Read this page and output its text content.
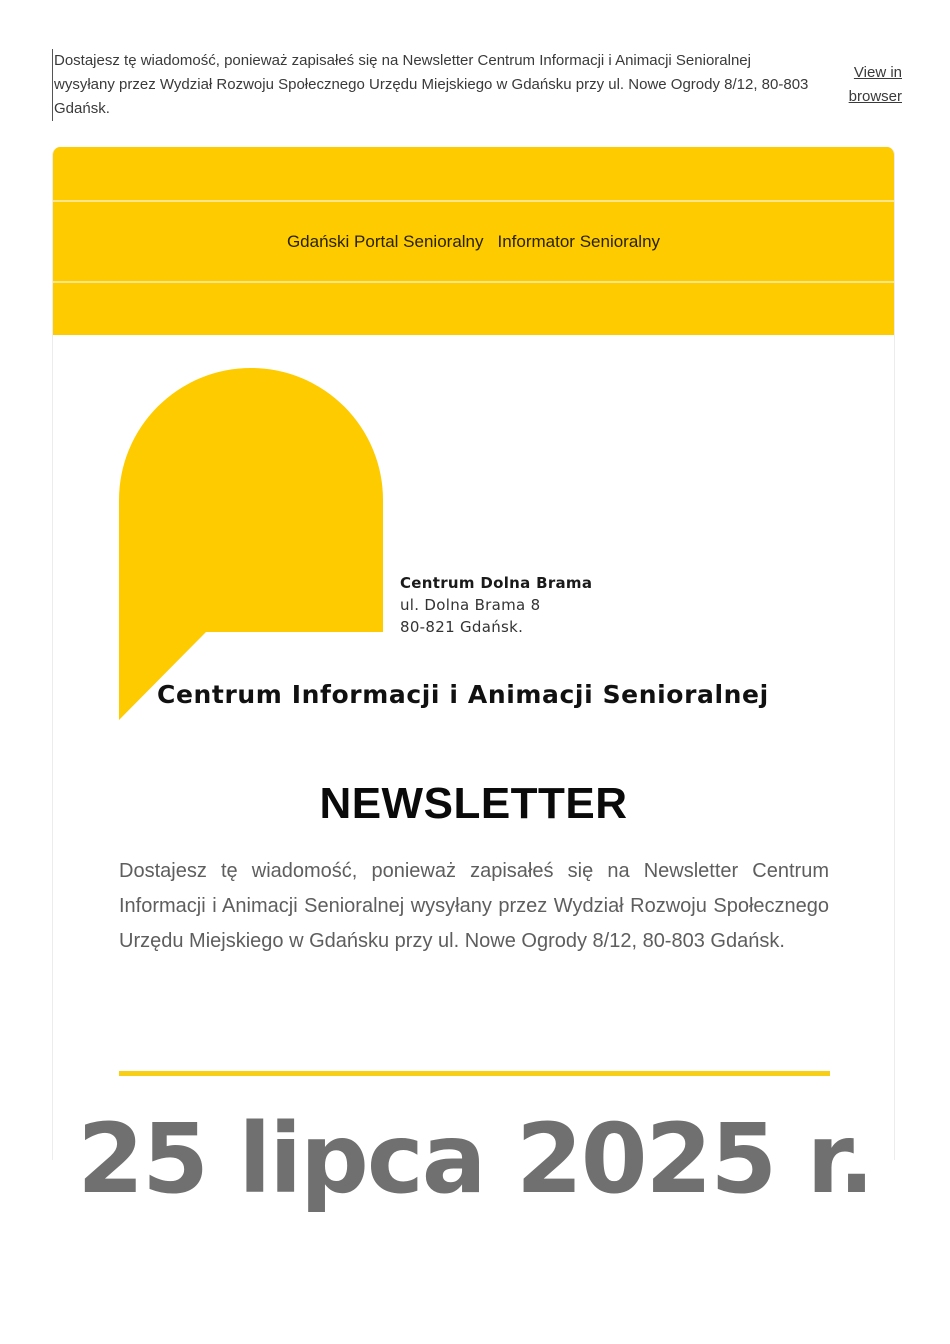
Dostajesz tę wiadomość, ponieważ zapisałeś się na Newsletter Centrum Informacji i Animacji Senioralnej wysyłany przez Wydział Rozwoju Społecznego Urzędu Miejskiego w Gdańsku przy ul. Nowe Ogrody 8/12, 80-803 Gdańsk.
View in browser
Gdański Portal Senioralny Informator Senioralny
Centrum Dolna Brama
ul. Dolna Brama 8
80-821 Gdańsk.
Centrum Informacji i Animacji Senioralnej
NEWSLETTER
Dostajesz tę wiadomość, ponieważ zapisałeś się na Newsletter Centrum Informacji i Animacji Senioralnej wysyłany przez Wydział Rozwoju Społecznego Urzędu Miejskiego w Gdańsku przy ul. Nowe Ogrody 8/12, 80-803 Gdańsk.
25 lipca 2025 r.
